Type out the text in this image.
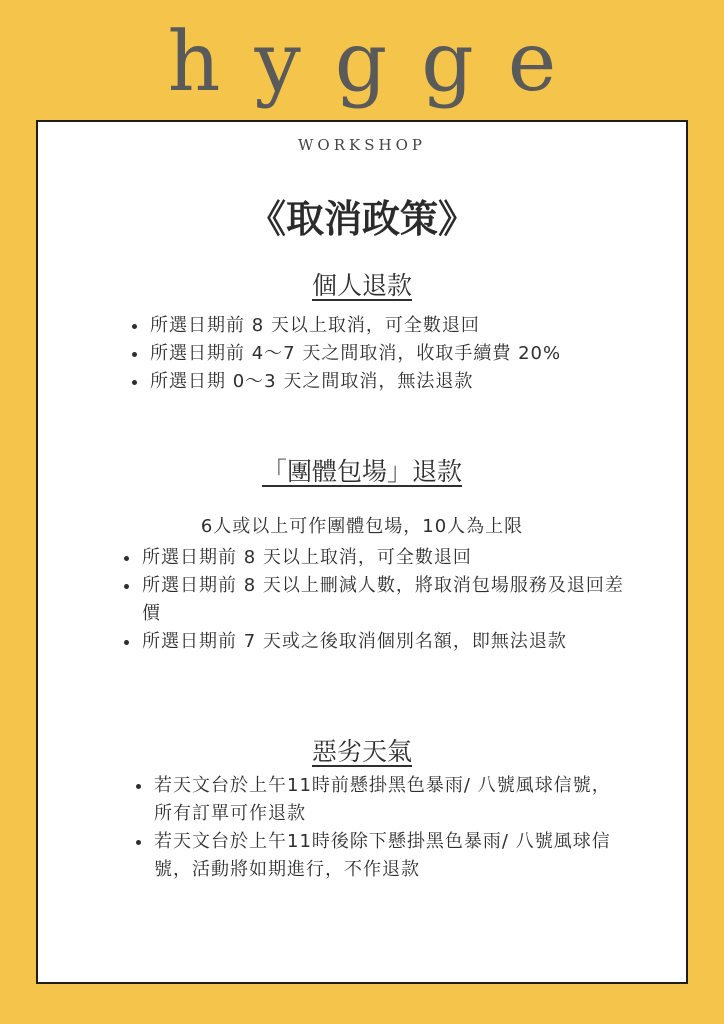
hygge
WORKSHOP
《取消政策》
個人退款
所選日期前 8 天以上取消，可全數退回
所選日期前 4～7 天之間取消，收取手續費 20%
所選日期 0～3 天之間取消，無法退款
「團體包場」退款
6人或以上可作團體包場，10人為上限
所選日期前 8 天以上取消，可全數退回
所選日期前 8 天以上刪減人數，將取消包場服務及退回差價
所選日期前 7 天或之後取消個別名額，即無法退款
惡劣天氣
若天文台於上午11時前懸掛黑色暴雨/ 八號風球信號，所有訂單可作退款
若天文台於上午11時後除下懸掛黑色暴雨/ 八號風球信號，活動將如期進行，不作退款
